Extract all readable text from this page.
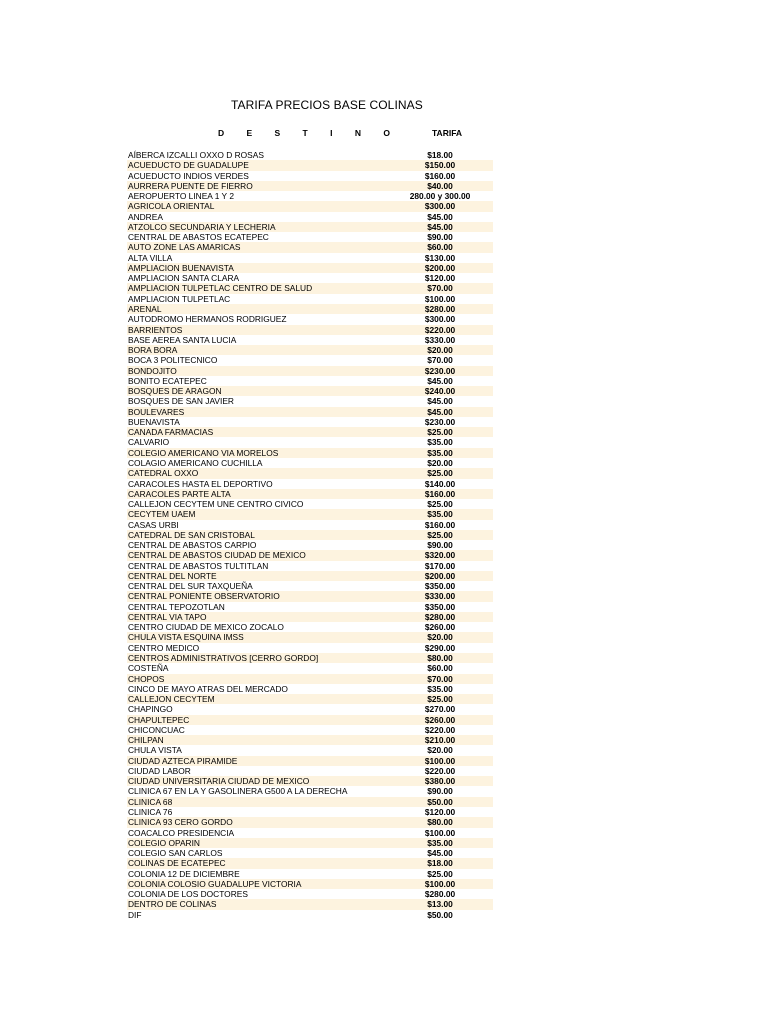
TARIFA PRECIOS BASE COLINAS
D E S T I N O	TARIFA
AÍBERCA IZCALLI OXXO D ROSAS	$18.00
ACUEDUCTO DE GUADALUPE	$150.00
ACUEDUCTO INDIOS VERDES	$160.00
AURRERA PUENTE DE FIERRO	$40.00
AEROPUERTO LINEA 1 Y 2	280.00 y 300.00
AGRICOLA ORIENTAL	$300.00
ANDREA	$45.00
ATZOLCO SECUNDARIA Y LECHERIA	$45.00
CENTRAL DE ABASTOS ECATEPEC	$90.00
AUTO ZONE LAS AMARICAS	$60.00
ALTA VILLA	$130.00
AMPLIACION BUENAVISTA	$200.00
AMPLIACION SANTA CLARA	$120.00
AMPLIACION TULPETLAC CENTRO DE SALUD	$70.00
AMPLIACION TULPETLAC	$100.00
ARENAL	$280.00
AUTODROMO HERMANOS RODRIGUEZ	$300.00
BARRIENTOS	$220.00
BASE AEREA SANTA LUCIA	$330.00
BORA BORA	$20.00
BOCA 3 POLITECNICO	$70.00
BONDOJITO	$230.00
BONITO ECATEPEC	$45.00
BOSQUES DE ARAGON	$240.00
BOSQUES DE SAN JAVIER	$45.00
BOULEVARES	$45.00
BUENAVISTA	$230.00
CANADA FARMACIAS	$25.00
CALVARIO	$35.00
COLEGIO AMERICANO VIA MORELOS	$35.00
COLAGIO AMERICANO CUCHILLA	$20.00
CATEDRAL OXXO	$25.00
CARACOLES HASTA EL DEPORTIVO	$140.00
CARACOLES PARTE ALTA	$160.00
CALLEJON CECYTEM UNE CENTRO CIVICO	$25.00
CECYTEM UAEM	$35.00
CASAS URBI	$160.00
CATEDRAL DE SAN CRISTOBAL	$25.00
CENTRAL DE ABASTOS CARPIO	$90.00
CENTRAL DE ABASTOS CIUDAD DE MEXICO	$320.00
CENTRAL DE ABASTOS TULTITLAN	$170.00
CENTRAL DEL NORTE	$200.00
CENTRAL DEL SUR TAXQUEÑA	$350.00
CENTRAL PONIENTE OBSERVATORIO	$330.00
CENTRAL TEPOZOTLAN	$350.00
CENTRAL VIA TAPO	$280.00
CENTRO CIUDAD DE MEXICO ZOCALO	$260.00
CHULA VISTA ESQUINA IMSS	$20.00
CENTRO MEDICO	$290.00
CENTROS ADMINISTRATIVOS [CERRO GORDO]	$80.00
COSTEÑA	$60.00
CHOPOS	$70.00
CINCO DE MAYO ATRAS DEL MERCADO	$35.00
CALLEJON CECYTEM	$25.00
CHAPINGO	$270.00
CHAPULTEPEC	$260.00
CHICONCUAC	$220.00
CHILPAN	$210.00
CHULA VISTA	$20.00
CIUDAD AZTECA PIRAMIDE	$100.00
CIUDAD LABOR	$220.00
CIUDAD UNIVERSITARIA CIUDAD DE MEXICO	$380.00
CLINICA 67 EN LA Y GASOLINERA G500 A LA DERECHA	$90.00
CLINICA 68	$50.00
CLINICA 76	$120.00
CLINICA 93 CERO GORDO	$80.00
COACALCO PRESIDENCIA	$100.00
COLEGIO OPARIN	$35.00
COLEGIO SAN CARLOS	$45.00
COLINAS DE ECATEPEC	$18.00
COLONIA 12 DE DICIEMBRE	$25.00
COLONIA COLOSIO GUADALUPE VICTORIA	$100.00
COLONIA DE LOS DOCTORES	$280.00
DENTRO DE COLINAS	$13.00
DIF	$50.00
